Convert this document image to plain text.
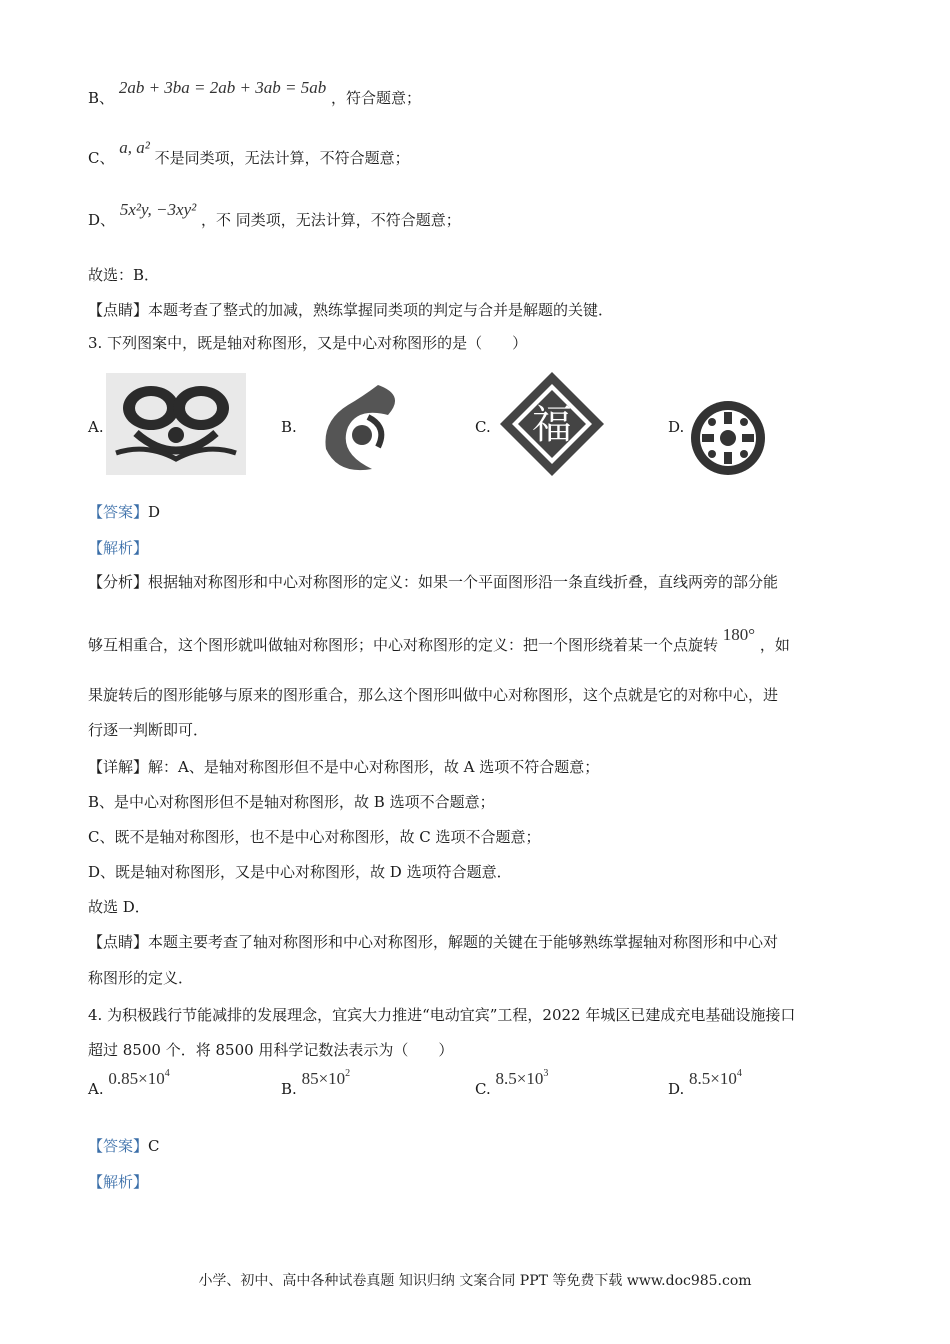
B、 2ab + 3ba = 2ab + 3ab = 5ab ，符合题意；
C、 a, a² 不是同类项，无法计算，不符合题意；
D、 5x²y, −3xy² ，不 同类项，无法计算，不符合题意；
故选：B．
【点睛】本题考查了整式的加减，熟练掌握同类项的判定与合并是解题的关键．
3. 下列图案中，既是轴对称图形，又是中心对称图形的是（　　）
A.	B.	C. 福	D.
【答案】D
【解析】
【分析】根据轴对称图形和中心对称图形的定义：如果一个平面图形沿一条直线折叠，直线两旁的部分能
够互相重合，这个图形就叫做轴对称图形；中心对称图形的定义：把一个图形绕着某一个点旋转 180° ，如
果旋转后的图形能够与原来的图形重合，那么这个图形叫做中心对称图形，这个点就是它的对称中心，进
行逐一判断即可．
【详解】解：A、是轴对称图形但不是中心对称图形，故 A 选项不符合题意；
B、是中心对称图形但不是轴对称图形，故 B 选项不合题意；
C、既不是轴对称图形，也不是中心对称图形，故 C 选项不合题意；
D、既是轴对称图形，又是中心对称图形，故 D 选项符合题意．
故选 D．
【点睛】本题主要考查了轴对称图形和中心对称图形，解题的关键在于能够熟练掌握轴对称图形和中心对
称图形的定义．
4. 为积极践行节能减排的发展理念，宜宾大力推进“电动宜宾”工程，2022 年城区已建成充电基础设施接口
超过 8500 个．将 8500 用科学记数法表示为（　　）
A. $0.85\times 10^4$
B. $85\times 10^2$
C. $8.5\times 10^3$
D. $8.5\times 10^4$
【答案】C
【解析】
小学、初中、高中各种试卷真题 知识归纳 文案合同 PPT 等免费下载 www.doc985.com
